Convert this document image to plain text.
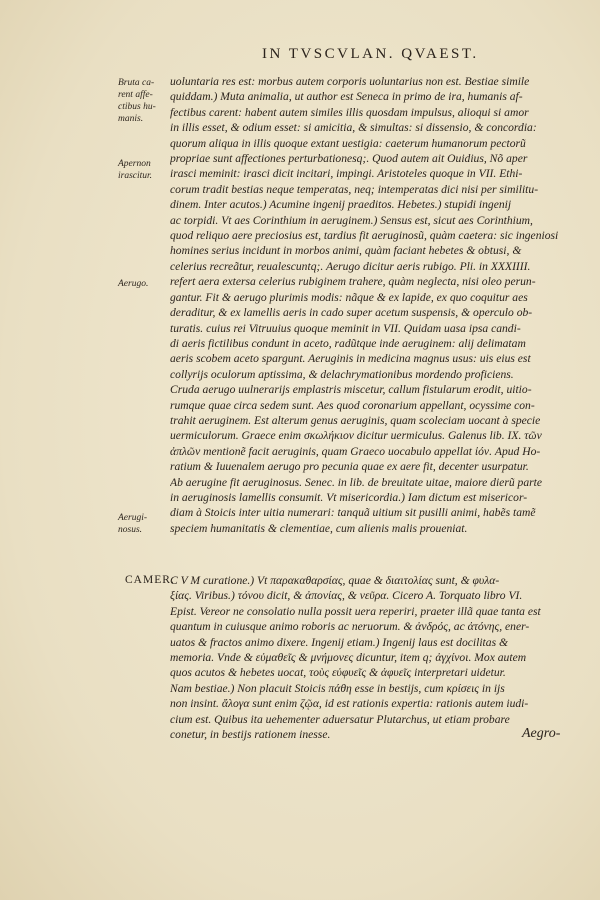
IN TVSCVLAN. QVAEST.
Bruta ca- rent affe- ctibus hu- manis.
Apernon irascitur.
Aerugo.
Aerugi- nosus.
uoluntaria res est: morbus autem corporis uoluntarius non est. Bestiae simile
quiddam.) Muta animalia, ut author est Seneca in primo de ira, humanis af-
fectibus carent: habent autem similes illis quosdam impulsus, alioqui si amor
in illis esset, & odium esset: si amicitia, & simultas: si dissensio, & concordia:
quorum aliqua in illis quoque extant uestigia: caeterum humanorum pectorũ
propriae sunt affectiones perturbationesq;. Quod autem ait Ouidius, Nõ aper
irasci meminit: irasci dicit incitari, impingi. Aristoteles quoque in VII. Ethi-
corum tradit bestias neque temperatas, neq; intemperatas dici nisi per similitu-
dinem. Inter acutos.) Acumine ingenij praeditos. Hebetes.) stupidi ingenij
ac torpidi. Vt aes Corinthium in aeruginem.) Sensus est, sicut aes Corinthium,
quod reliquo aere preciosius est, tardius fit aeruginosũ, quàm caetera: sic ingeniosi
homines serius incidunt in morbos animi, quàm faciant hebetes & obtusi, &
celerius recreãtur, reualescuntq;. Aerugo dicitur aeris rubigo. Pli. in XXXIIII.
refert aera extersa celerius rubiginem trahere, quàm neglecta, nisi oleo perun-
gantur. Fit & aerugo plurimis modis: nãque & ex lapide, ex quo coquitur aes
deraditur, & ex lamellis aeris in cado super acetum suspensis, & operculo ob-
turatis. cuius rei Vitruuius quoque meminit in VII. Quidam uasa ipsa candi-
di aeris fictilibus condunt in aceto, radũtque inde aeruginem: alij delimatam
aeris scobem aceto spargunt. Aeruginis in medicina magnus usus: uis eius est
collyrijs oculorum aptissima, & delachrymationibus mordendo proficiens.
Cruda aerugo uulnerarijs emplastris miscetur, callum fistularum erodit, uitio-
rumque quae circa sedem sunt. Aes quod coronarium appellant, ocyssime con-
trahit aeruginem. Est alterum genus aeruginis, quam scoleciam uocant à specie
uermiculorum. Graece enim σκωλήκιον dicitur uermiculus. Galenus lib. IX. τῶν
ἁπλῶν mentionẽ facit aeruginis, quam Graeco uocabulo appellat ἰόν. Apud Ho-
ratium & Iuuenalem aerugo pro pecunia quae ex aere fit, decenter usurpatur.
Ab aerugine fit aeruginosus. Senec. in lib. de breuitate uitae, maiore dierũ parte
in aeruginosis lamellis consumit. Vt misericordia.) Iam dictum est misericor-
diam à Stoicis inter uitia numerari: tanquã uitium sit pusilli animi, habẽs tamẽ
speciem humanitatis & clementiae, cum alienis malis proueniat.
CAMER.
C V M curatione.) Vt παρακαθαρσίας, quae & διαιτολίας sunt, & φυλα-
ξίας. Viribus.) τόνου dicit, & ἀπονίας, & νεῦρα. Cicero A. Torquato libro VI.
Epist. Vereor ne consolatio nulla possit uera reperiri, praeter illã quae tanta est
quantum in cuiusque animo roboris ac neruorum. & ἀνδρός, ac ἀτόνης, ener-
uatos & fractos animo dixere. Ingenij etiam.) Ingenij laus est docilitas &
memoria. Vnde & εὐμαθεῖς & μνήμονες dicuntur, item q; ἀγχίνοι. Mox autem
quos acutos & hebetes uocat, τοὺς εὐφυεῖς & ἀφυεῖς interpretari uidetur.
Nam bestiae.) Non placuit Stoicis πάθη esse in bestijs, cum κρίσεις in ijs
non insint. ἄλογα sunt enim ζῷα, id est rationis expertia: rationis autem iudi-
cium est. Quibus ita uehementer aduersatur Plutarchus, ut etiam probare
conetur, in bestijs rationem inesse.	Aegro-
